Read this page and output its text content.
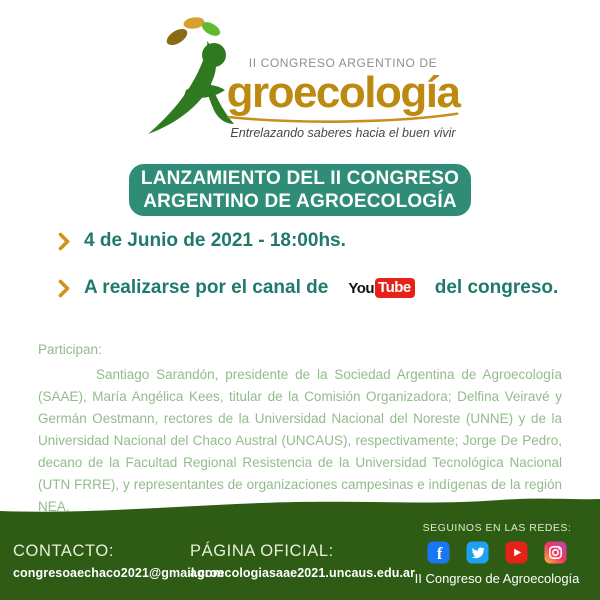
II CONGRESO ARGENTINO DE
groecología
Entrelazando saberes hacia el buen vivir
LANZAMIENTO DEL II CONGRESO
ARGENTINO DE AGROECOLOGÍA
4 de Junio de 2021 - 18:00hs.
A realizarse por el canal de You Tube del congreso.
Participan:
Santiago Sarandón, presidente de la Sociedad Argentina de Agroecología (SAAE), María Angélica Kees, titular de la Comisión Organizadora; Delfina Veiravé y Germán Oestmann, rectores de la Universidad Nacional del Noreste (UNNE) y de la Universidad Nacional del Chaco Austral (UNCAUS), respectivamente; Jorge De Pedro, decano de la Facultad Regional Resistencia de la Universidad Tecnológica Nacional (UTN FRRE), y representantes de organizaciones campesinas e indígenas de la región NEA.
CONTACTO:
congresoaechaco2021@gmail.com
PÁGINA OFICIAL:
agroecologiasaae2021.uncaus.edu.ar
SEGUINOS EN LAS REDES:
f
II Congreso de Agroecología
